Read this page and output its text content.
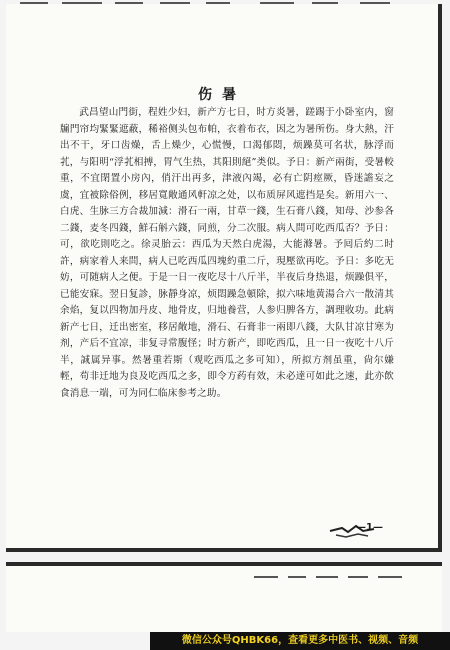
伤暑

武昌望山門街，程姓少妇，新产方七日，时方炎暑，蹉踢于小卧室内，窗牖門帘均緊緊遮蔽，稀裕侧头包布帕，衣着布衣，因之为暑所伤。身大熱，汗出不干，牙口齿燥，舌上燥少，心慌慢，口渴郁悶，烦躁莫可名状，脉浮而芤，与阳明“浮芤相搏，胃气生热，其阳則絕”类似。予日：新产兩街，受暑較重，不宜閉置小房內，俏汗出再多，津液內竭，必有亡阴痙厥，昏迷譫妄之虞，宜被除俗例，移居寬敞通风軒凉之处，以布质屏风遮挡是矣。新用六一、白虎、生脉三方合裁加減：滑石一兩，甘草一錢，生石膏八錢，知母、沙参各二錢，麦冬四錢，鮮石斛六錢，同煎，分二次服。病人問可吃西瓜否？予日：可，欲吃則吃之。徐灵胎云：西瓜为天然白虎湯，大能滌暑。予囘后約二时許，病家着人来問，病人已吃西瓜四塊約重二斤，現壓欲再吃。予日：多吃无妨，可随病人之便。于是一日一夜吃尽十八斤半，半夜后身热退，烦躁俱平，已能安寐。翌日复診，脉靜身凉，烦悶躁急頓除，拟六味地黄湯合六一散清其余焰，复以四物加丹皮、地骨皮，归地養营，人参归脾各方，調理收功。此病新产七日，迁出密室，移居敞地，滑石、石膏非一兩即八錢，大队甘凉甘寒为剂，产后不宜凉，非复寻常腹怪；时方新产，即吃西瓜，且一日一夜吃十八斤半，誠属异事。然暑重若斯（观吃西瓜之多可知），所拟方剂虽重，尙尔嫌輕，苟非迁地为良及吃西瓜之多，即令方药有效，未必達可如此之速，此亦飲食消息一端，可为同仁临床参考之助。

—1—
微信公众号QHBK66，查看更多中医书、视频、音频
